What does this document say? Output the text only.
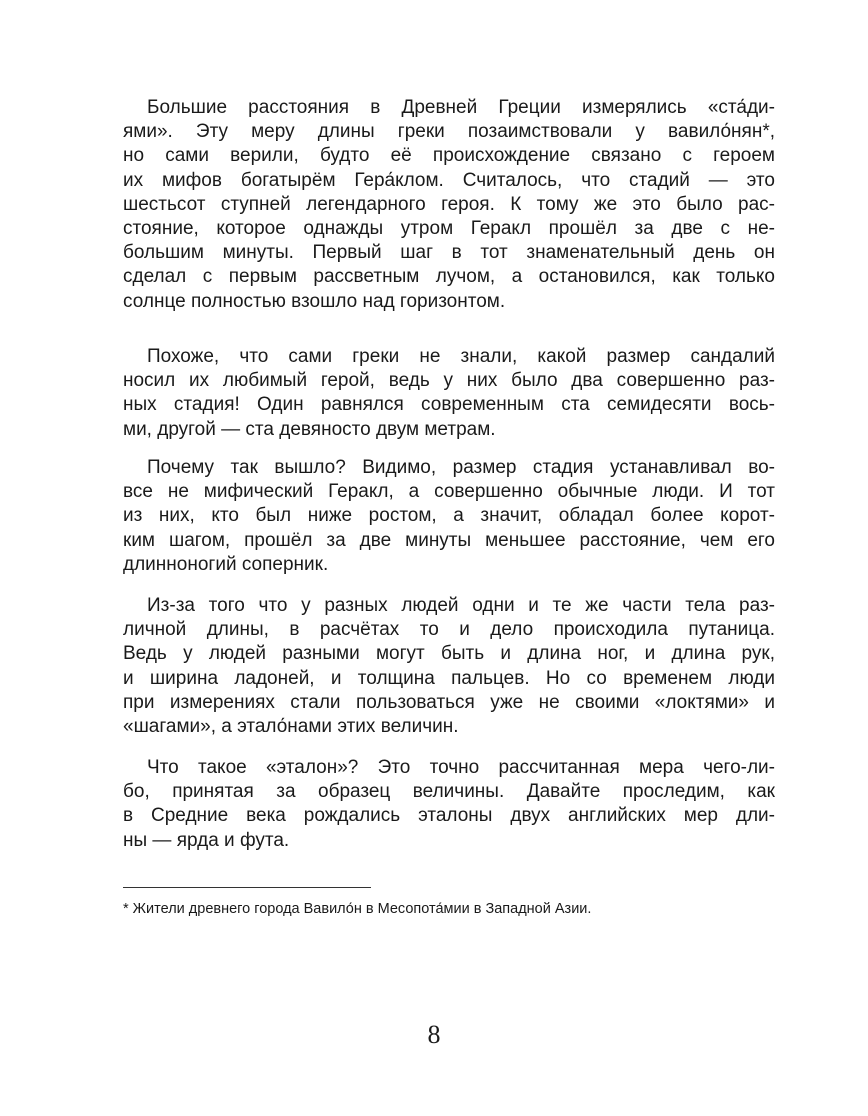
Большие расстояния в Древней Греции измерялись «ста́ди-
ями». Эту меру длины греки позаимствовали у вавило́нян*,
но сами верили, будто её происхождение связано с героем
их мифов богатырём Гера́клом. Считалось, что стадий — это
шестьсот ступней легендарного героя. К тому же это было рас-
стояние, которое однажды утром Геракл прошёл за две с не-
большим минуты. Первый шаг в тот знаменательный день он
сделал с первым рассветным лучом, а остановился, как только
солнце полностью взошло над горизонтом.
Похоже, что сами греки не знали, какой размер сандалий
носил их любимый герой, ведь у них было два совершенно раз-
ных стадия! Один равнялся современным ста семидесяти вось-
ми, другой — ста девяносто двум метрам.
Почему так вышло? Видимо, размер стадия устанавливал во-
все не мифический Геракл, а совершенно обычные люди. И тот
из них, кто был ниже ростом, а значит, обладал более корот-
ким шагом, прошёл за две минуты меньшее расстояние, чем его
длинноногий соперник.
Из-за того что у разных людей одни и те же части тела раз-
личной длины, в расчётах то и дело происходила путаница.
Ведь у людей разными могут быть и длина ног, и длина рук,
и ширина ладоней, и толщина пальцев. Но со временем люди
при измерениях стали пользоваться уже не своими «локтями» и
«шагами», а этало́нами этих величин.
Что такое «эталон»? Это точно рассчитанная мера чего-ли-
бо, принятая за образец величины. Давайте проследим, как
в Средние века рождались эталоны двух английских мер дли-
ны — ярда и фута.
* Жители древнего города Вавило́н в Месопота́мии в Западной Азии.
8
